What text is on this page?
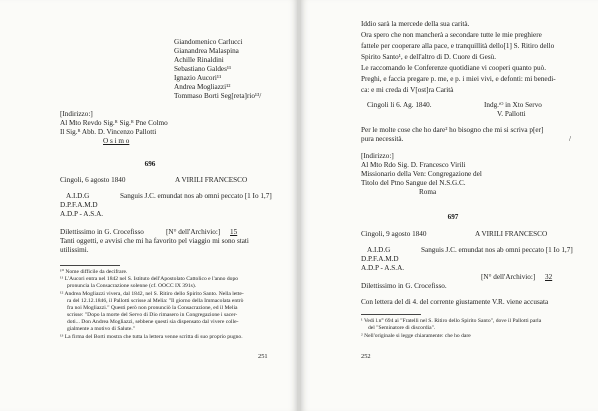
Giandomenico Carlucci
Gianandrea Malaspina
Achille Rinaldini
Sebastiano Galdes¹¹
Ignazio Aucori¹¹
Andrea Mogliazzi¹²
Tommaso Borti Seg[reta]rio¹³/
[Indirizzo:]
Al Mto Revdo Sig.ᴿ Sig.ᴿ Pne Colmo
Il Sig.ᴿ Abb. D. Vincenzo Pallotti
O s i m o
696
Cingoli, 6 agosto 1840	A VIRILI FRANCESCO
A.I.D.G	Sanguis J.C. emundat nos ab omni peccato [1 Io 1,7]
D.P.F.A.M.D
A.D.P - A.S.A.
Dilettissimo in G. Crocefisso	[N° dell'Archivio:] 15
Tanti oggetti, e avvisi che mi ha favorito pel viaggio mi sono stati
utilissimi.
¹⁰ Nome difficile da decifrare.
¹¹ L'Aucori entra nel 1842 nel S. Istituto dell'Apostolato Cattolico e l'anno dopo
pronuncia la Consacrazione solenne (cf. OOCC IX 391s).
¹² Andrea Mogliazzi vivera, dal 1842, nel S. Ritiro dello Spirito Santo. Nella lette-
ra del 12.12.1846, il Pallotti scrisse al Melia: "Il giorno della Immacolata entrò
fra noi Mogliazzi." Questi però non pronunciò la Consacrazione, ed il Melia
scrisse: "Dopo la morte del Servo di Dio rimasero in Congregazione i sacer-
doti... Don Andrea Mogliazzi, sebbene questi sia dispensato dal vivere colle-
gialmente a motivo di Salute."
¹³ La firma del Borti mostra che tutta la lettera venne scritta di suo proprio pugno.
251
Iddio sarà la mercede della sua carità.
Ora spero che non mancherà a secondare tutte le mie preghiere
fattele per cooperare alla pace, e tranquillità dello[1] S. Ritiro dello
Spirito Santo¹, e dell'altro di D. Cuore di Gesù.
Le raccomando le Conferenze quotidiane vi cooperi quanto può.
Preghi, e faccia pregare p. me, e p. i miei vivi, e defonti: mi benedi-
ca: e mi creda di V[ost]ra Carità
Cingoli li 6. Ag. 1840.	Indg.ᵗᴼ in Xto Servo
V. Pallotti
Per le molte cose che ho dare² ho bisogno che mi si scriva p[er]
pura necessità.	/
[Indirizzo:]
Al Mto Rdo Sig. D. Francesco Virili
Missionario della Ven: Congregazione del
Titolo del Ptno Sangue del N.S.G.C.
Roma
697
Cingoli, 9 agosto 1840	A VIRILI FRANCESCO
A.I.D.G	Sanguis J.C. emundat nos ab omni peccato [1 Io 1,7]
D.P.F.A.M.D
A.D.P - A.S.A.
[N° dell'Archivio:] 32
Dilettissimo in G. Crocefisso.
Con lettera del di 4. del corrente giustamente V.R. viene accusata
¹ Vedi l.n° 694 ai "Fratelli nel S. Ritiro dello Spirito Santo", dove il Pallotti parla
del "Seminatore di discordia".
² Nell'originale si legge chiaramente: che ho dare
252
